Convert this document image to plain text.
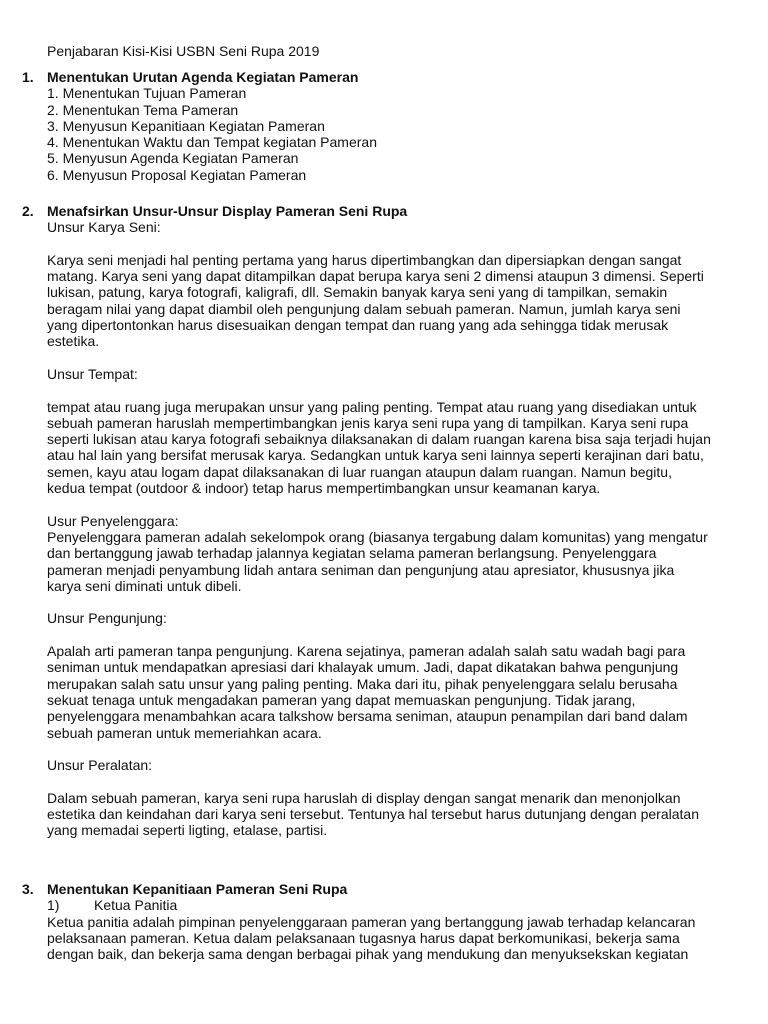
Penjabaran Kisi-Kisi USBN Seni Rupa 2019
1. Menentukan Urutan Agenda Kegiatan Pameran
1. Menentukan Tujuan Pameran
2. Menentukan Tema Pameran
3. Menyusun Kepanitiaan Kegiatan Pameran
4. Menentukan Waktu dan Tempat kegiatan Pameran
5. Menyusun Agenda Kegiatan Pameran
6. Menyusun Proposal Kegiatan Pameran
2. Menafsirkan Unsur-Unsur Display Pameran Seni Rupa
Unsur Karya Seni:
Karya seni menjadi hal penting pertama yang harus dipertimbangkan dan dipersiapkan dengan sangat
matang. Karya seni yang dapat ditampilkan dapat berupa karya seni 2 dimensi ataupun 3 dimensi. Seperti
lukisan, patung, karya fotografi, kaligrafi, dll. Semakin banyak karya seni yang di tampilkan, semakin
beragam nilai yang dapat diambil oleh pengunjung dalam sebuah pameran. Namun, jumlah karya seni
yang dipertontonkan harus disesuaikan dengan tempat dan ruang yang ada sehingga tidak merusak
estetika.
Unsur Tempat:
tempat atau ruang juga merupakan unsur yang paling penting. Tempat atau ruang yang disediakan untuk
sebuah pameran haruslah mempertimbangkan jenis karya seni rupa yang di tampilkan. Karya seni rupa
seperti lukisan atau karya fotografi sebaiknya dilaksanakan di dalam ruangan karena bisa saja terjadi hujan
atau hal lain yang bersifat merusak karya. Sedangkan untuk karya seni lainnya seperti kerajinan dari batu,
semen, kayu atau logam dapat dilaksanakan di luar ruangan ataupun dalam ruangan. Namun begitu,
kedua tempat (outdoor & indoor) tetap harus mempertimbangkan unsur keamanan karya.
Usur Penyelenggara:
Penyelenggara pameran adalah sekelompok orang (biasanya tergabung dalam komunitas) yang mengatur
dan bertanggung jawab terhadap jalannya kegiatan selama pameran berlangsung. Penyelenggara
pameran menjadi penyambung lidah antara seniman dan pengunjung atau apresiator, khususnya jika
karya seni diminati untuk dibeli.
Unsur Pengunjung:
Apalah arti pameran tanpa pengunjung. Karena sejatinya, pameran adalah salah satu wadah bagi para
seniman untuk mendapatkan apresiasi dari khalayak umum. Jadi, dapat dikatakan bahwa pengunjung
merupakan salah satu unsur yang paling penting. Maka dari itu, pihak penyelenggara selalu berusaha
sekuat tenaga untuk mengadakan pameran yang dapat memuaskan pengunjung. Tidak jarang,
penyelenggara menambahkan acara talkshow bersama seniman, ataupun penampilan dari band dalam
sebuah pameran untuk memeriahkan acara.
Unsur Peralatan:
Dalam sebuah pameran, karya seni rupa haruslah di display dengan sangat menarik dan menonjolkan
estetika dan keindahan dari karya seni tersebut. Tentunya hal tersebut harus dutunjang dengan peralatan
yang memadai seperti ligting, etalase, partisi.
3. Menentukan Kepanitiaan Pameran Seni Rupa
1) Ketua Panitia
Ketua panitia adalah pimpinan penyelenggaraan pameran yang bertanggung jawab terhadap kelancaran
pelaksanaan pameran. Ketua dalam pelaksanaan tugasnya harus dapat berkomunikasi, bekerja sama
dengan baik, dan bekerja sama dengan berbagai pihak yang mendukung dan menyuksekskan kegiatan
